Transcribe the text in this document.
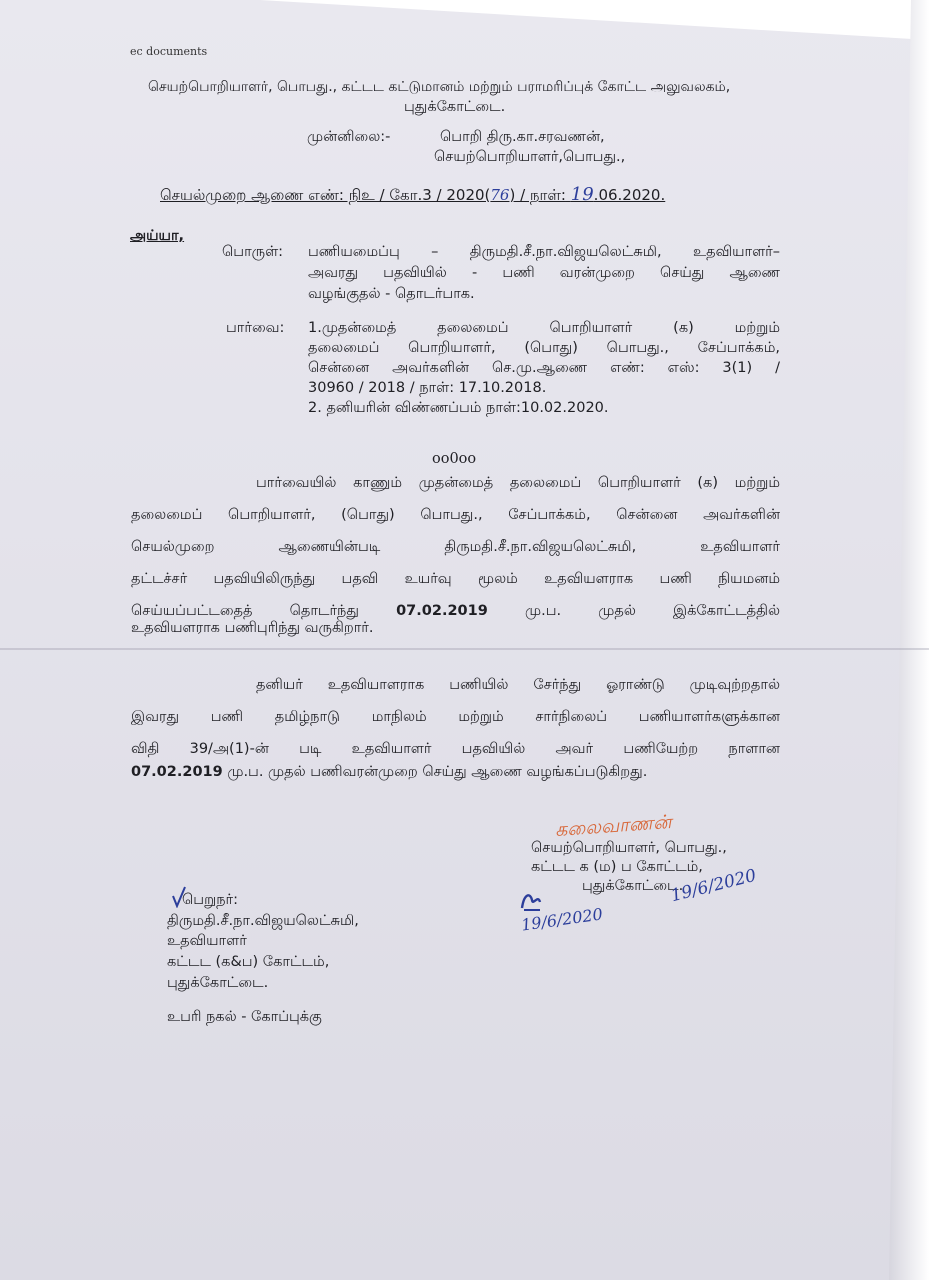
ec documents
செயற்பொறியாளர், பொபது., கட்டட கட்டுமானம் மற்றும் பராமரிப்புக் கோட்ட அலுவலகம்,
புதுக்கோட்டை.
முன்னிலை:-	பொறி திரு.கா.சரவணன்,
செயற்பொறியாளர்,பொபது.,
செயல்முறை ஆணை எண்: நிஉ / கோ.3 / 2020(76) / நாள்: 19.06.2020.
அய்யா,
பொருள்: பணியமைப்பு – திருமதி.சீ.நா.விஜயலெட்சுமி, உதவியாளர்–
அவரது பதவியில் - பணி வரன்முறை செய்து ஆணை
வழங்குதல் - தொடர்பாக.
பார்வை: 1.முதன்மைத் தலைமைப் பொறியாளர் (க) மற்றும்
தலைமைப் பொறியாளர், (பொது) பொபது., சேப்பாக்கம்,
சென்னை அவர்களின் செ.மு.ஆணை எண்: எஸ்: 3(1) /
30960 / 2018 / நாள்: 17.10.2018.
2. தனியரின் விண்ணப்பம் நாள்:10.02.2020.
oo0oo
பார்வையில் காணும் முதன்மைத் தலைமைப் பொறியாளர் (க) மற்றும்
தலைமைப் பொறியாளர், (பொது) பொபது., சேப்பாக்கம், சென்னை அவர்களின்
செயல்முறை ஆணையின்படி திருமதி.சீ.நா.விஜயலெட்சுமி, உதவியாளர்
தட்டச்சர் பதவியிலிருந்து பதவி உயர்வு மூலம் உதவியளராக பணி நியமனம்
செய்யப்பட்டதைத் தொடர்ந்து 07.02.2019 மு.ப. முதல் இக்கோட்டத்தில்
உதவியளராக பணிபுரிந்து வருகிறார்.
தனியர் உதவியாளராக பணியில் சேர்ந்து ஓராண்டு முடிவுற்றதால்
இவரது பணி தமிழ்நாடு மாநிலம் மற்றும் சார்நிலைப் பணியாளர்களுக்கான
விதி 39/அ(1)-ன் படி உதவியாளர் பதவியில் அவர் பணியேற்ற நாளான
07.02.2019 மு.ப. முதல் பணிவரன்முறை செய்து ஆணை வழங்கப்படுகிறது.
கலைவாணன்
செயற்பொறியாளர், பொபது.,
கட்டட க (ம) ப கோட்டம்,
புதுக்கோட்டை.
19/6/2020
19/6/2020
பெறுநர்:
திருமதி.சீ.நா.விஜயலெட்சுமி,
உதவியாளர்
கட்டட (க&ப) கோட்டம்,
புதுக்கோட்டை.
உபரி நகல் - கோப்புக்கு
